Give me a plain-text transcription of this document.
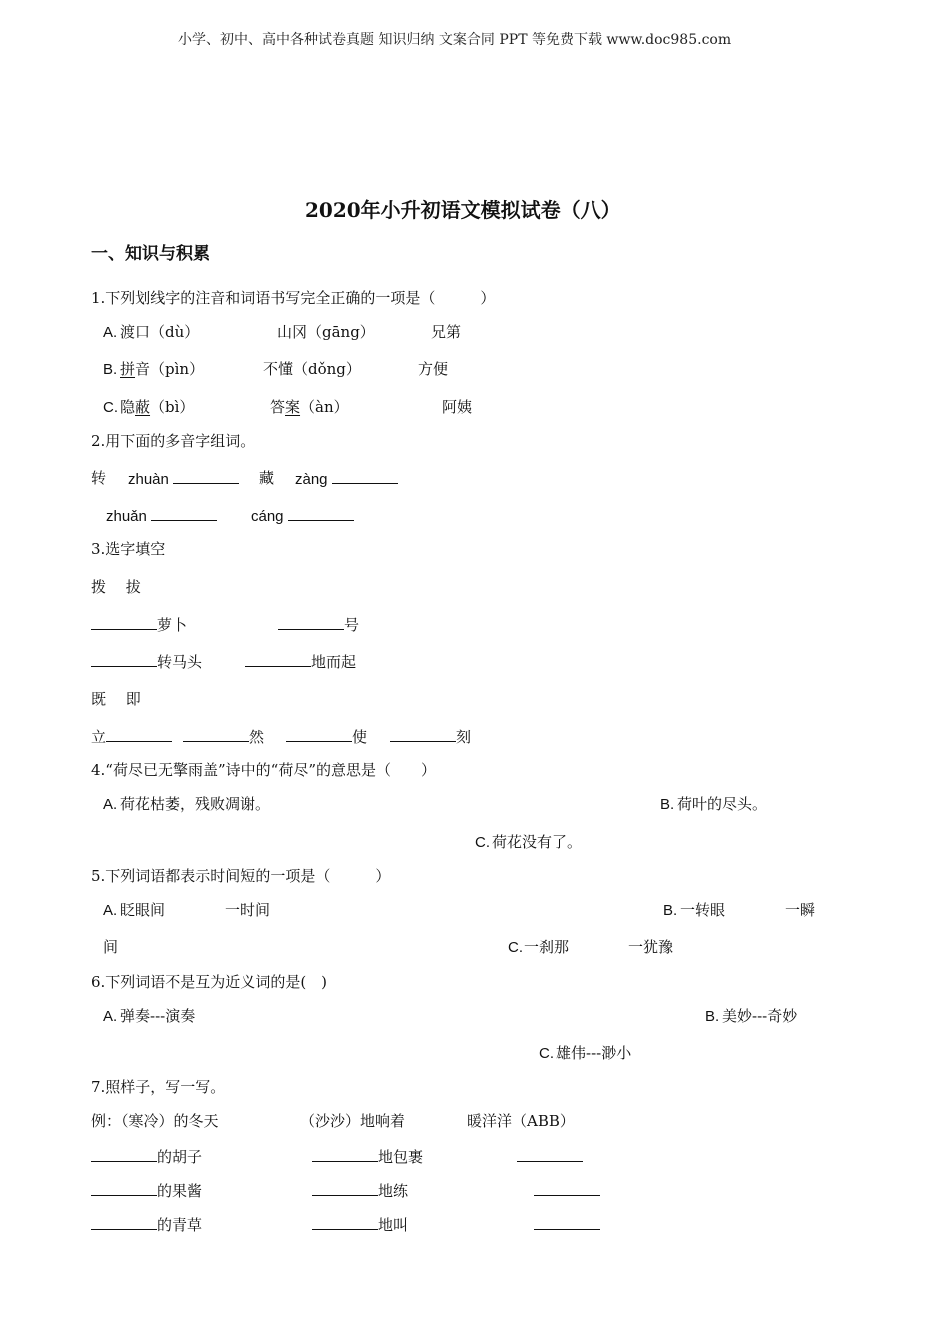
小学、初中、高中各种试卷真题 知识归纳 文案合同 PPT 等免费下载 www.doc985.com
2020年小升初语文模拟试卷（八）
一、知识与积累
1.下列划线字的注音和词语书写完全正确的一项是（　　　）
A. 渡口（dù）	山冈（gāng）	兄第
B. 拼音（pìn）	不懂（dǒng）	方便
C. 隐蔽（bì）	答案（àn）	阿姨
2.用下面的多音字组词。
转 zhuàn	藏 zàng
zhuǎn	cáng
3.选字填空
拨　 拔
萝卜	号
转马头	地而起
既　 即
立	然	使	刻
4.“荷尽已无擎雨盖”诗中的“荷尽”的意思是（　　）
A. 荷花枯萎，残败凋谢。	B. 荷叶的尽头。
C. 荷花没有了。
5.下列词语都表示时间短的一项是（　　　）
A. 眨眼间	一时间	B. 一转眼	一瞬
间	C. 一刹那	一犹豫
6.下列词语不是互为近义词的是(　)
A. 弹奏---演奏	B. 美妙---奇妙
C. 雄伟---渺小
7.照样子，写一写。
例：（寒冷）的冬天	（沙沙）地响着	暖洋洋（ABB）
的胡子	地包裹
的果酱	地练
的青草	地叫
